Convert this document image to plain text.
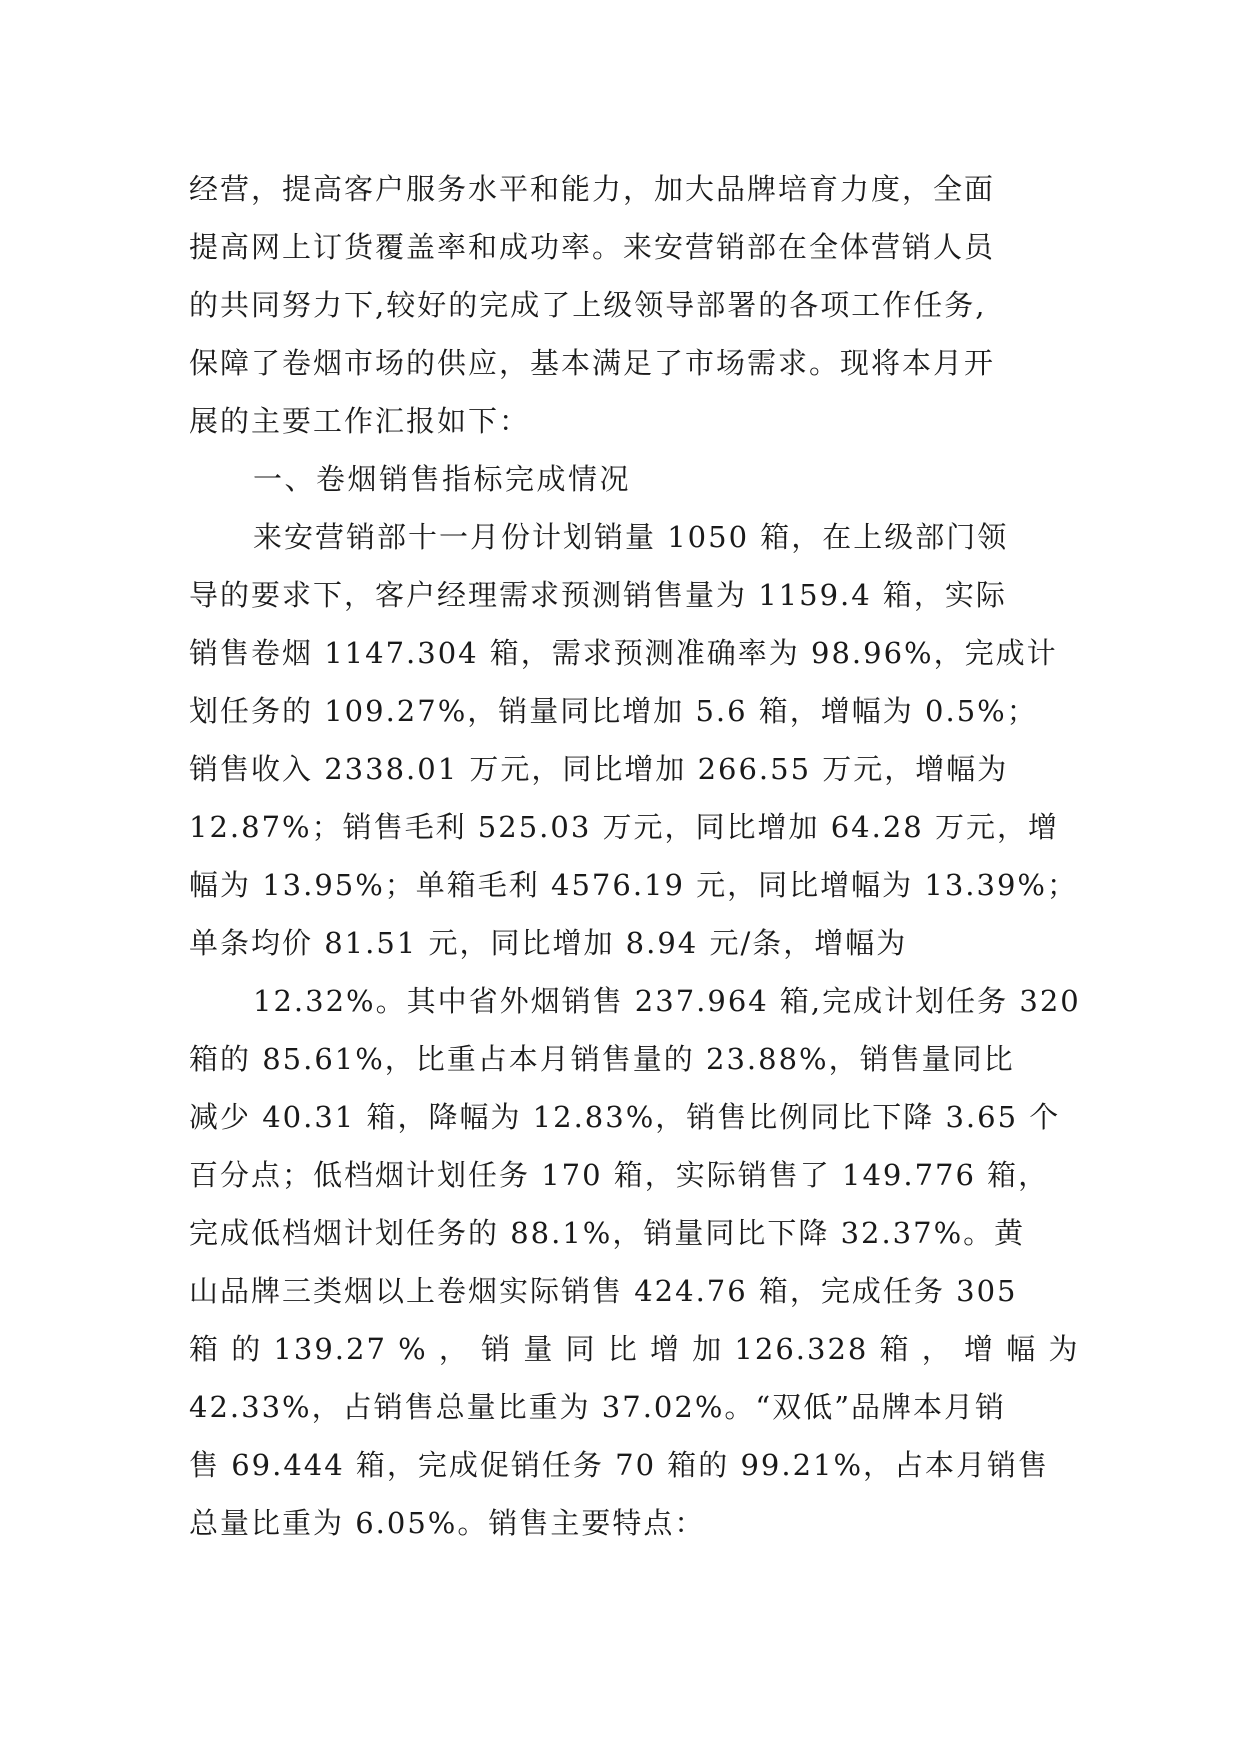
经营，提高客户服务水平和能力，加大品牌培育力度，全面
提高网上订货覆盖率和成功率。来安营销部在全体营销人员
的共同努力下,较好的完成了上级领导部署的各项工作任务,
保障了卷烟市场的供应，基本满足了市场需求。现将本月开
展的主要工作汇报如下：
一、卷烟销售指标完成情况
来安营销部十一月份计划销量 1050 箱，在上级部门领
导的要求下，客户经理需求预测销售量为 1159.4 箱，实际
销售卷烟 1147.304 箱，需求预测准确率为 98.96%，完成计
划任务的 109.27%，销量同比增加 5.6 箱，增幅为 0.5%；
销售收入 2338.01 万元，同比增加 266.55 万元，增幅为
12.87%；销售毛利 525.03 万元，同比增加 64.28 万元，增
幅为 13.95%；单箱毛利 4576.19 元，同比增幅为 13.39%；
单条均价 81.51 元，同比增加 8.94 元/条，增幅为
12.32%。其中省外烟销售 237.964 箱,完成计划任务 320
箱的 85.61%，比重占本月销售量的 23.88%，销售量同比
减少 40.31 箱，降幅为 12.83%，销售比例同比下降 3.65 个
百分点；低档烟计划任务 170 箱，实际销售了 149.776 箱，
完成低档烟计划任务的 88.1%，销量同比下降 32.37%。黄
山品牌三类烟以上卷烟实际销售 424.76 箱，完成任务 305
箱 的 139.27 % ， 销 量 同 比 增 加 126.328 箱 ， 增 幅 为
42.33%，占销售总量比重为 37.02%。“双低”品牌本月销
售 69.444 箱，完成促销任务 70 箱的 99.21%，占本月销售
总量比重为 6.05%。销售主要特点：
